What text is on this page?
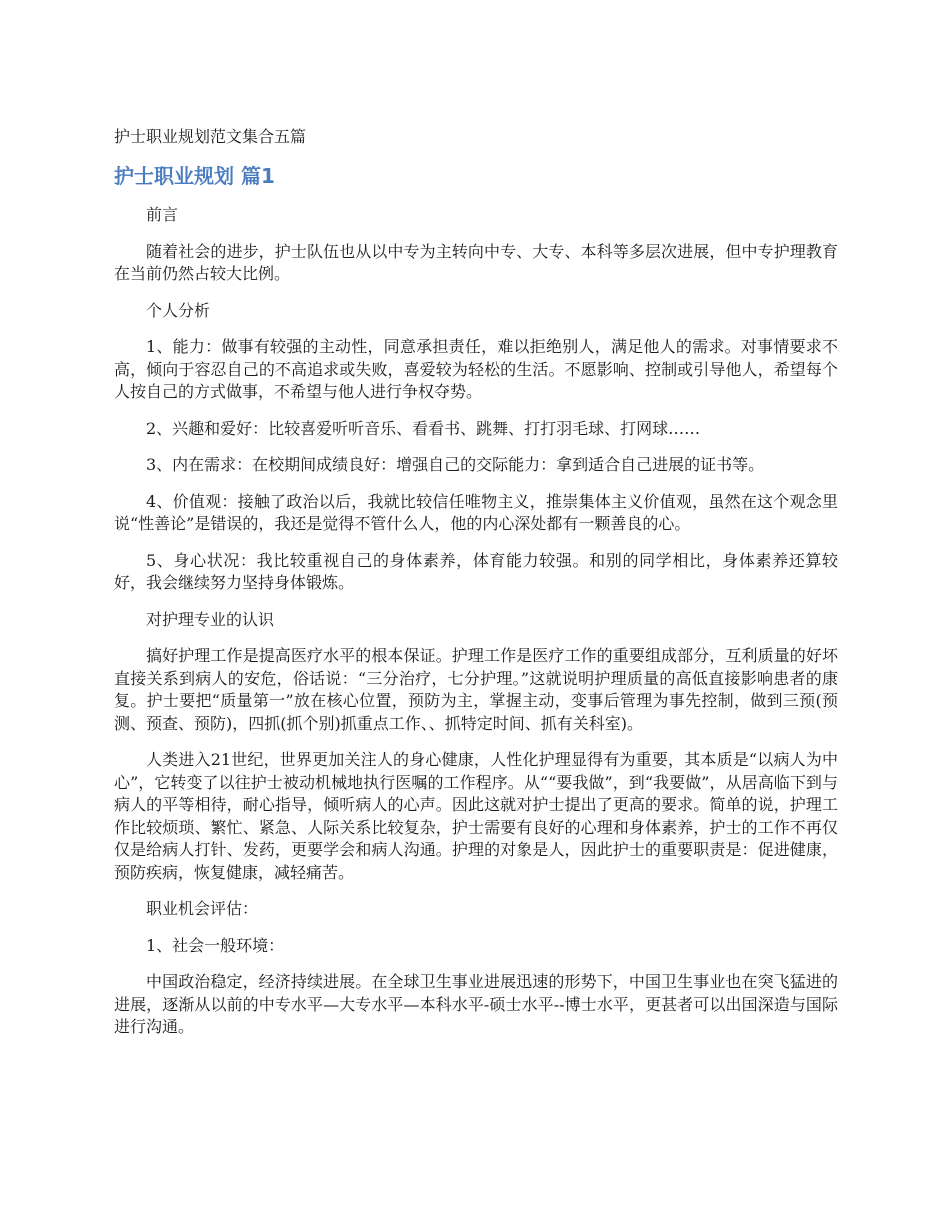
护士职业规划范文集合五篇
护士职业规划 篇1

前言

随着社会的进步，护士队伍也从以中专为主转向中专、大专、本科等多层次进展，但中专护理教育在当前仍然占较大比例。

个人分析

1、能力：做事有较强的主动性，同意承担责任，难以拒绝别人，满足他人的需求。对事情要求不高，倾向于容忍自己的不高追求或失败，喜爱较为轻松的生活。不愿影响、控制或引导他人，希望每个人按自己的方式做事，不希望与他人进行争权夺势。

2、兴趣和爱好：比较喜爱听听音乐、看看书、跳舞、打打羽毛球、打网球……

3、内在需求：在校期间成绩良好：增强自己的交际能力：拿到适合自己进展的证书等。

4、价值观：接触了政治以后，我就比较信任唯物主义，推崇集体主义价值观，虽然在这个观念里说“性善论”是错误的，我还是觉得不管什么人，他的内心深处都有一颗善良的心。

5、身心状况：我比较重视自己的身体素养，体育能力较强。和别的同学相比，身体素养还算较好，我会继续努力坚持身体锻炼。

对护理专业的认识

搞好护理工作是提高医疗水平的根本保证。护理工作是医疗工作的重要组成部分，互利质量的好坏直接关系到病人的安危，俗话说：“三分治疗，七分护理。”这就说明护理质量的高低直接影响患者的康复。护士要把“质量第一”放在核心位置，预防为主，掌握主动，变事后管理为事先控制，做到三预(预测、预查、预防)，四抓(抓个别)抓重点工作、、抓特定时间、抓有关科室)。

人类进入21世纪，世界更加关注人的身心健康，人性化护理显得有为重要，其本质是“以病人为中心”，它转变了以往护士被动机械地执行医嘱的工作程序。从““要我做”，到“我要做”，从居高临下到与病人的平等相待，耐心指导，倾听病人的心声。因此这就对护士提出了更高的要求。简单的说，护理工作比较烦琐、繁忙、紧急、人际关系比较复杂，护士需要有良好的心理和身体素养，护士的工作不再仅仅是给病人打针、发药，更要学会和病人沟通。护理的对象是人，因此护士的重要职责是：促进健康，预防疾病，恢复健康，减轻痛苦。

职业机会评估：

1、社会一般环境：

中国政治稳定，经济持续进展。在全球卫生事业进展迅速的形势下，中国卫生事业也在突飞猛进的进展，逐渐从以前的中专水平—大专水平—本科水平-硕士水平--博士水平，更甚者可以出国深造与国际进行沟通。
